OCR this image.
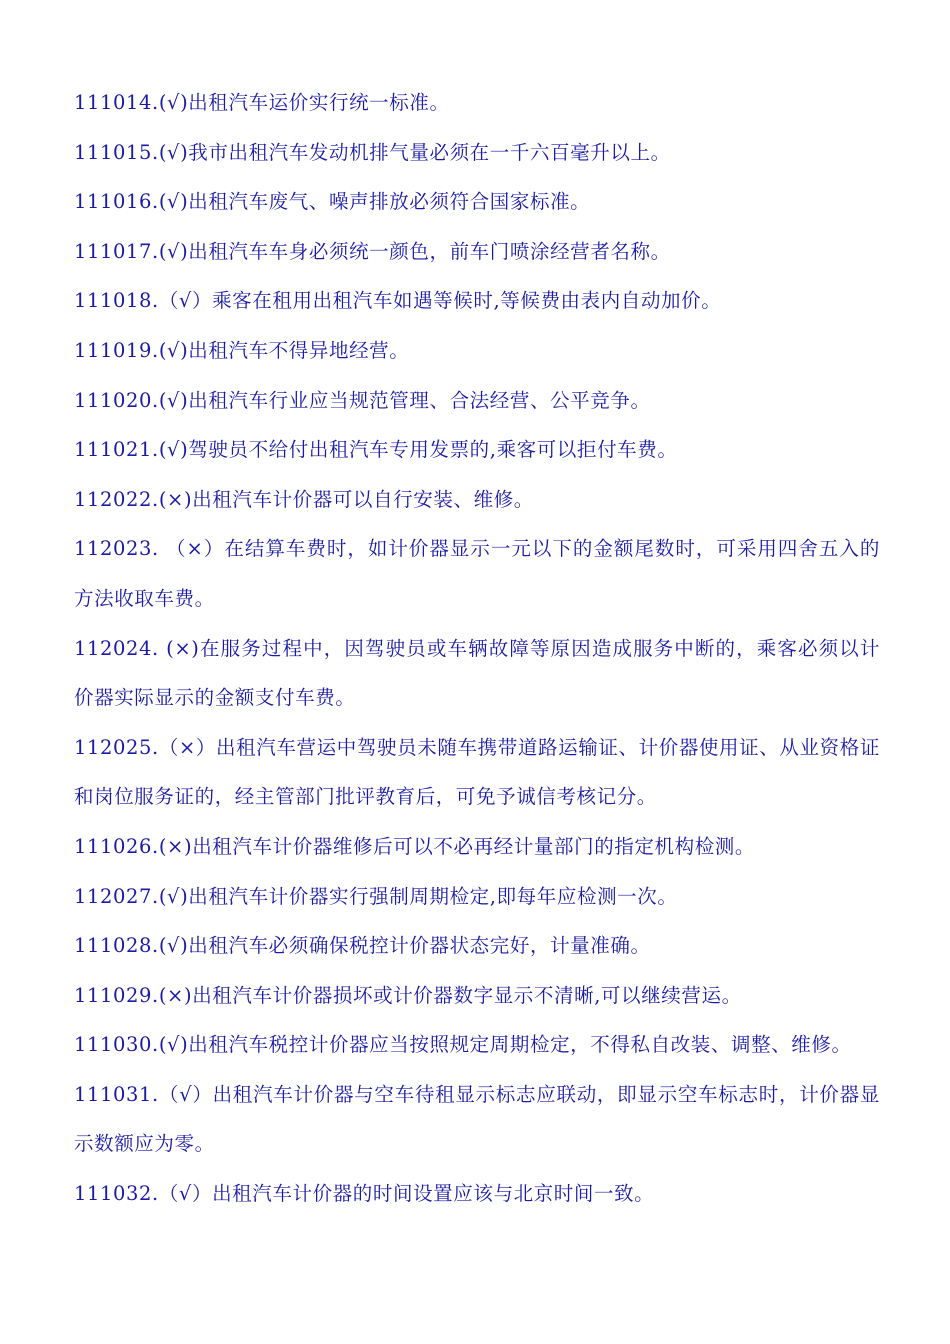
111014.(√)出租汽车运价实行统一标准。

111015.(√)我市出租汽车发动机排气量必须在一千六百毫升以上。

111016.(√)出租汽车废气、噪声排放必须符合国家标准。

111017.(√)出租汽车车身必须统一颜色，前车门喷涂经营者名称。

111018.（√）乘客在租用出租汽车如遇等候时,等候费由表内自动加价。

111019.(√)出租汽车不得异地经营。

111020.(√)出租汽车行业应当规范管理、合法经营、公平竞争。

111021.(√)驾驶员不给付出租汽车专用发票的,乘客可以拒付车费。

112022.(×)出租汽车计价器可以自行安装、维修。

112023. （×）在结算车费时，如计价器显示一元以下的金额尾数时，可采用四舍五入的方法收取车费。

112024. (×)在服务过程中，因驾驶员或车辆故障等原因造成服务中断的，乘客必须以计价器实际显示的金额支付车费。

112025.（×）出租汽车营运中驾驶员未随车携带道路运输证、计价器使用证、从业资格证和岗位服务证的，经主管部门批评教育后，可免予诚信考核记分。

111026.(×)出租汽车计价器维修后可以不必再经计量部门的指定机构检测。

112027.(√)出租汽车计价器实行强制周期检定,即每年应检测一次。

111028.(√)出租汽车必须确保税控计价器状态完好，计量准确。

111029.(×)出租汽车计价器损坏或计价器数字显示不清晰,可以继续营运。

111030.(√)出租汽车税控计价器应当按照规定周期检定，不得私自改装、调整、维修。

111031.（√）出租汽车计价器与空车待租显示标志应联动，即显示空车标志时，计价器显示数额应为零。

111032.（√）出租汽车计价器的时间设置应该与北京时间一致。
